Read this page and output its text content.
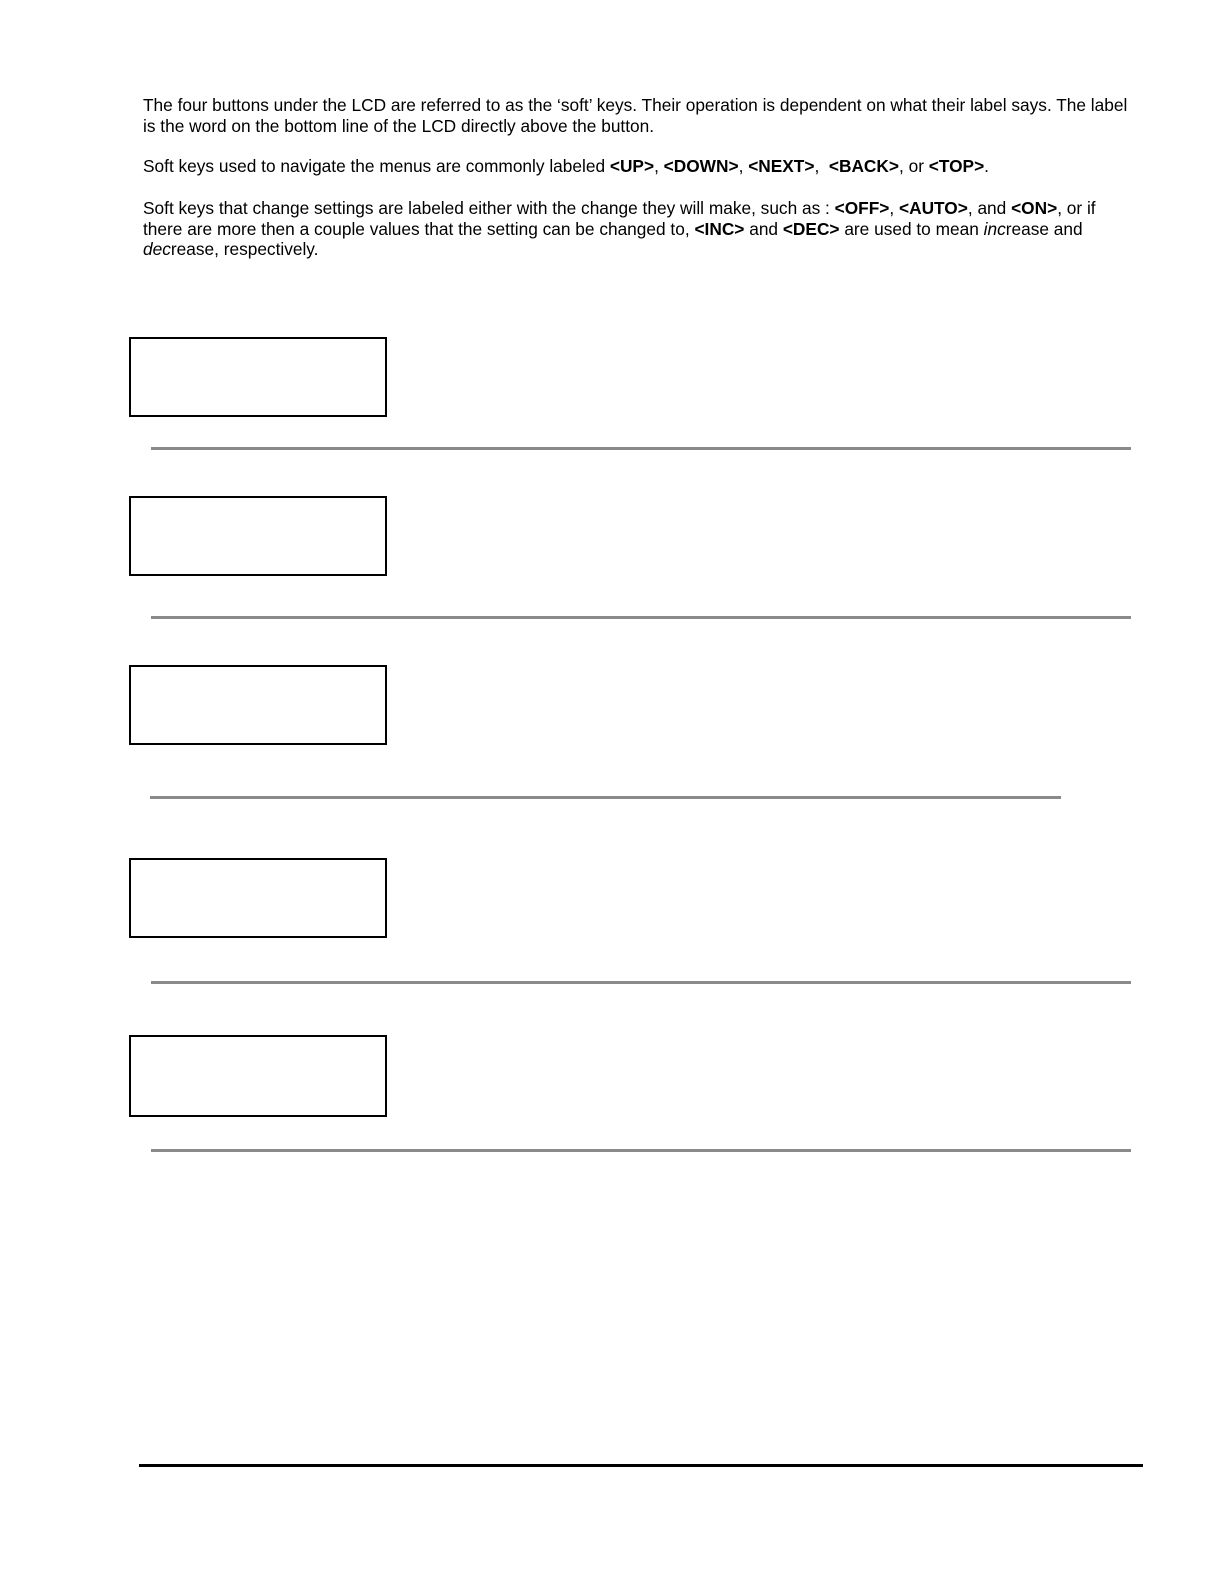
The four buttons under the LCD are referred to as the ‘soft’ keys. Their operation is dependent on what their label says. The label is the word on the bottom line of the LCD directly above the button.

Soft keys used to navigate the menus are commonly labeled <UP>, <DOWN>, <NEXT>,  <BACK>, or <TOP>.

Soft keys that change settings are labeled either with the change they will make, such as : <OFF>, <AUTO>, and <ON>, or if there are more then a couple values that the setting can be changed to, <INC> and <DEC> are used to mean increase and decrease, respectively.
